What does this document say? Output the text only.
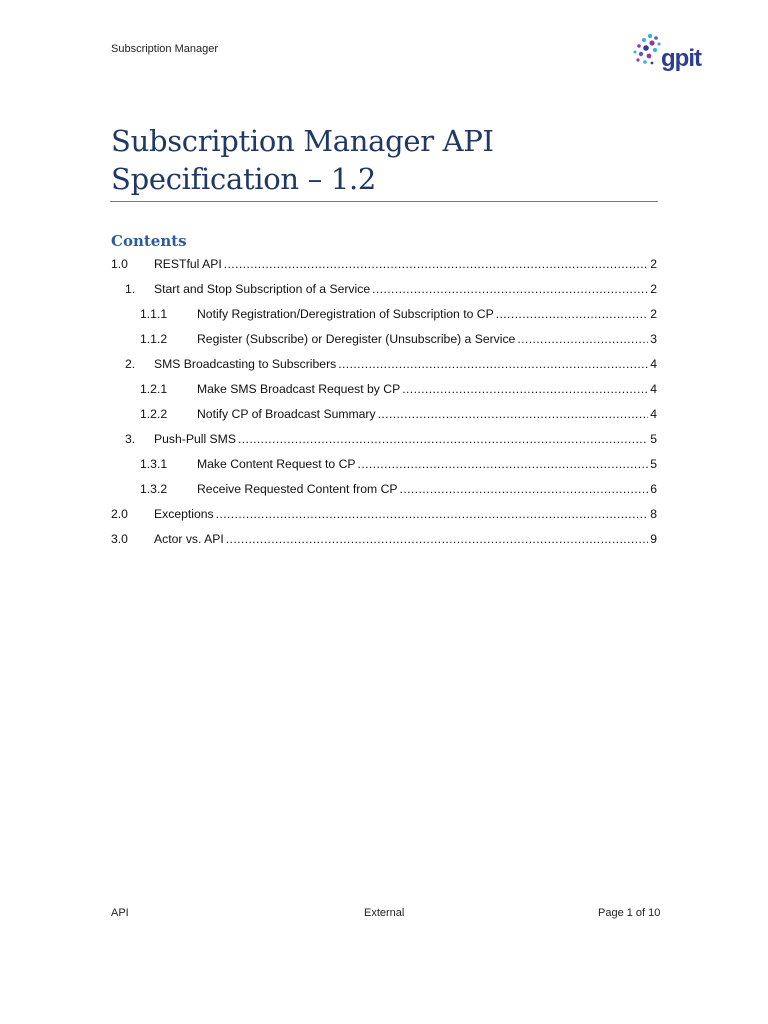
Subscription Manager	gpit
Subscription Manager API Specification – 1.2
Contents
1.0	RESTful API .....	2
1.	Start and Stop Subscription of a Service .....	2
1.1.1	Notify Registration/Deregistration of Subscription to CP .....	2
1.1.2	Register (Subscribe) or Deregister (Unsubscribe) a Service .....	3
2.	SMS Broadcasting to Subscribers .....	4
1.2.1	Make SMS Broadcast Request by CP .....	4
1.2.2	Notify CP of Broadcast Summary .....	4
3.	Push-Pull SMS .....	5
1.3.1	Make Content Request to CP .....	5
1.3.2	Receive Requested Content from CP .....	6
2.0	Exceptions .....	8
3.0	Actor vs. API .....	9
API	External	Page 1 of 10
